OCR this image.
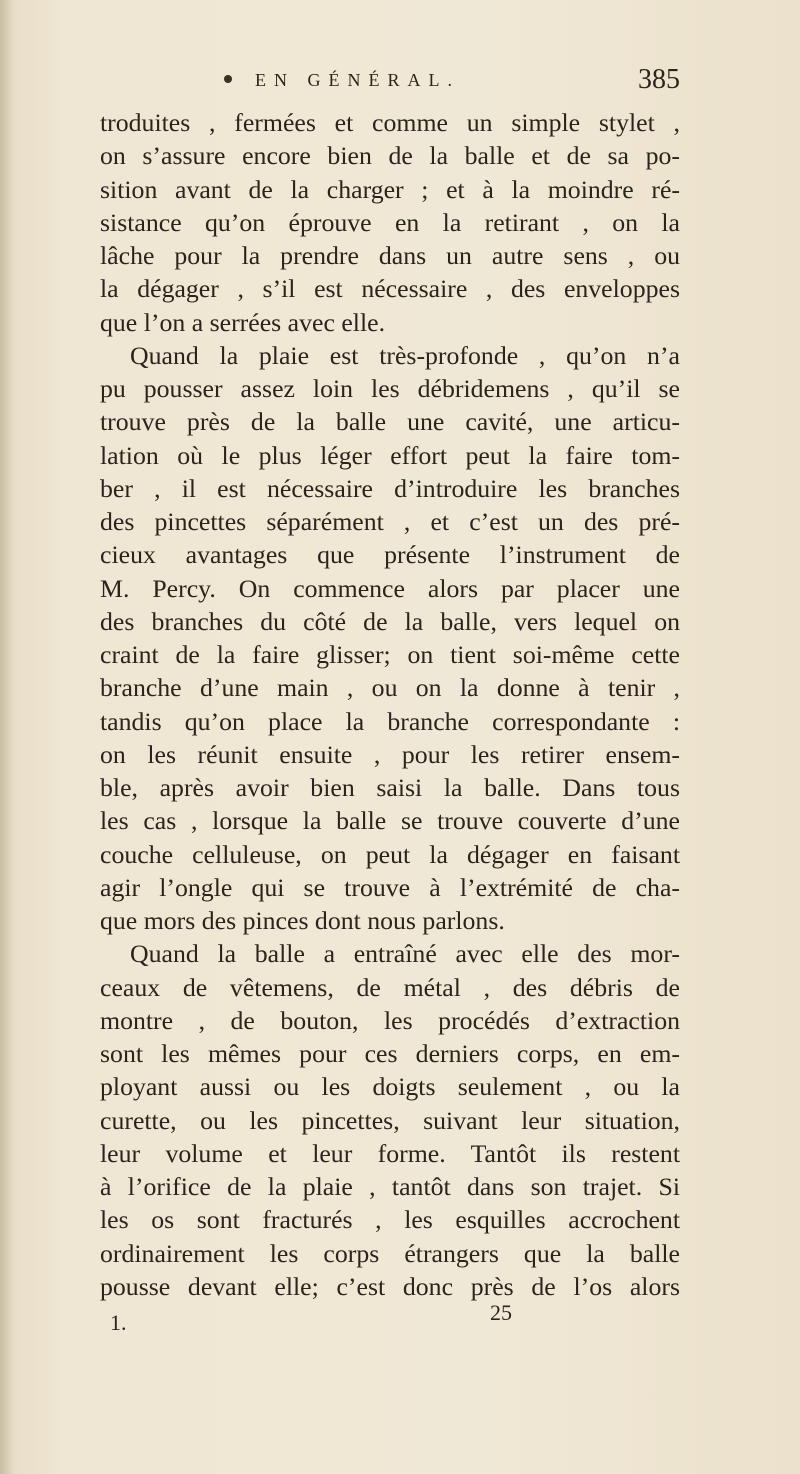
EN GÉNÉRAL.	385
troduites , fermées et comme un simple stylet ,
on s’assure encore bien de la balle et de sa po-
sition avant de la charger ; et à la moindre ré-
sistance qu’on éprouve en la retirant , on la
lâche pour la prendre dans un autre sens , ou
la dégager , s’il est nécessaire , des enveloppes
que l’on a serrées avec elle.
Quand la plaie est très-profonde , qu’on n’a
pu pousser assez loin les débridemens , qu’il se
trouve près de la balle une cavité, une articu-
lation où le plus léger effort peut la faire tom-
ber , il est nécessaire d’introduire les branches
des pincettes séparément , et c’est un des pré-
cieux avantages que présente l’instrument de
M. Percy. On commence alors par placer une
des branches du côté de la balle, vers lequel on
craint de la faire glisser; on tient soi-même cette
branche d’une main , ou on la donne à tenir ,
tandis qu’on place la branche correspondante :
on les réunit ensuite , pour les retirer ensem-
ble, après avoir bien saisi la balle. Dans tous
les cas , lorsque la balle se trouve couverte d’une
couche celluleuse, on peut la dégager en faisant
agir l’ongle qui se trouve à l’extrémité de cha-
que mors des pinces dont nous parlons.
Quand la balle a entraîné avec elle des mor-
ceaux de vêtemens, de métal , des débris de
montre , de bouton, les procédés d’extraction
sont les mêmes pour ces derniers corps, en em-
ployant aussi ou les doigts seulement , ou la
curette, ou les pincettes, suivant leur situation,
leur volume et leur forme. Tantôt ils restent
à l’orifice de la plaie , tantôt dans son trajet. Si
les os sont fracturés , les esquilles accrochent
ordinairement les corps étrangers que la balle
pousse devant elle; c’est donc près de l’os alors
1.	25
